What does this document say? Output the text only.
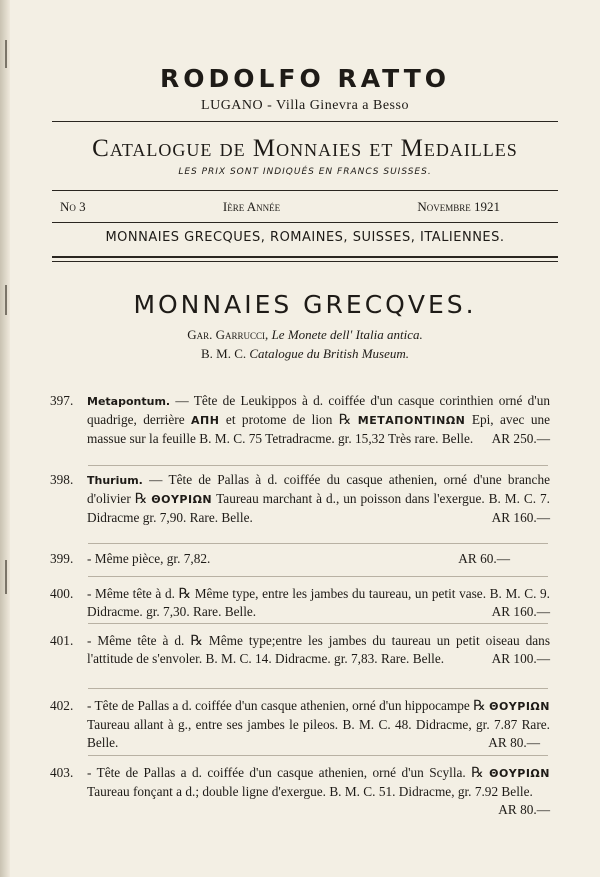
RODOLFO RATTO
LUGANO - Villa Ginevra a Besso
Catalogue de Monnaies et Medailles
LES PRIX SONT INDIQUÉS EN FRANCS SUISSES.
No 3	Ière Année	Novembre 1921
MONNAIES GRECQUES, ROMAINES, SUISSES, ITALIENNES.
MONNAIES GRECQVES.
Gar. Garrucci, Le Monete dell' Italia antica.
B. M. C. Catalogue du British Museum.
397. Metapontum. — Tête de Leukippos à d. coiffée d'un casque corinthien orné d'un quadrige, derrière ΑΠΗ et protome de lion ℞ ΜΕΤΑΠΟΝΤΙΝΩΝ Epi, avec une massue sur la feuille B. M. C. 75 Tetradracme. gr. 15,32 Très rare. Belle. AR 250.—
398. Thurium. — Tête de Pallas à d. coiffée du casque athenien, orné d'une branche d'olivier ℞ ΘΟΥΡΙΩΝ Taureau marchant à d., un poisson dans l'exergue. B. M. C. 7. Didracme gr. 7,90. Rare. Belle.	AR 160.—
399. - Même pièce, gr. 7,82.	AR 60.—
400. - Même tête à d. ℞ Même type, entre les jambes du taureau, un petit vase. B. M. C. 9. Didracme. gr. 7,30. Rare. Belle.	AR 160.—
401. - Même tête à d. ℞ Même type;entre les jambes du taureau un petit oiseau dans l'attitude de s'envoler. B. M. C. 14. Didracme. gr. 7,83. Rare. Belle.	AR 100.—
402. - Tête de Pallas a d. coiffée d'un casque athenien, orné d'un hippocampe ℞ ΘΟΥΡΙΩΝ Taureau allant à g., entre ses jambes le pileos. B. M. C. 48. Didracme, gr. 7.87 Rare. Belle.	AR 80.—
403. - Tête de Pallas a d. coiffée d'un casque athenien, orné d'un Scylla. ℞ ΘΟΥΡΙΩΝ Taureau fonçant a d.; double ligne d'exergue. B. M. C. 51. Didracme, gr. 7.92 Belle.
AR 80.—
